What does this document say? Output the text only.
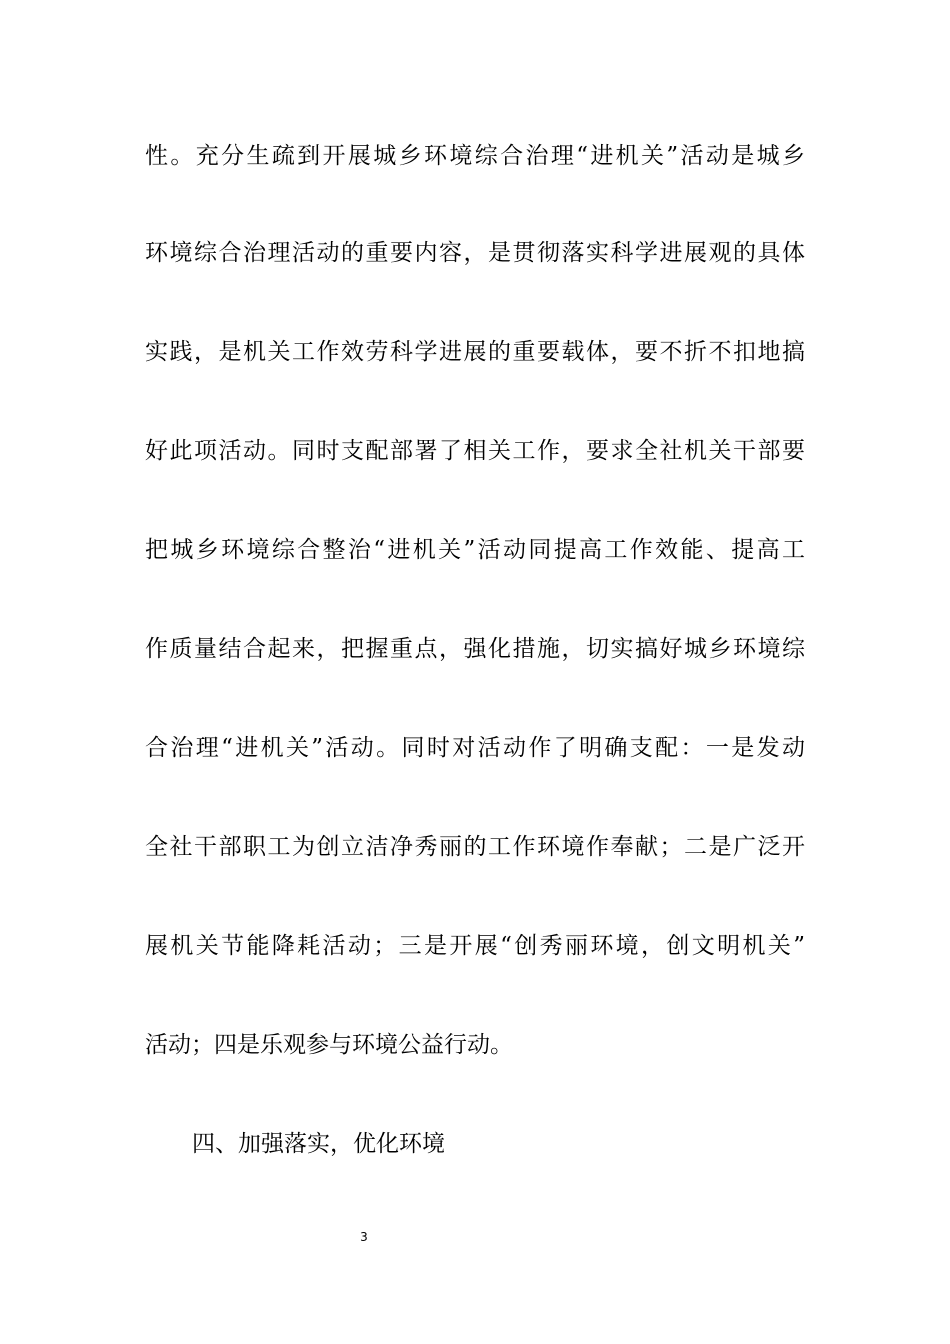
性。充分生疏到开展城乡环境综合治理“进机关”活动是城乡
环境综合治理活动的重要内容，是贯彻落实科学进展观的具体
实践，是机关工作效劳科学进展的重要载体，要不折不扣地搞
好此项活动。同时支配部署了相关工作，要求全社机关干部要
把城乡环境综合整治“进机关”活动同提高工作效能、提高工
作质量结合起来，把握重点，强化措施，切实搞好城乡环境综
合治理“进机关”活动。同时对活动作了明确支配：一是发动
全社干部职工为创立洁净秀丽的工作环境作奉献；二是广泛开
展机关节能降耗活动；三是开展“创秀丽环境，创文明机关”
活动；四是乐观参与环境公益行动。
四、加强落实，优化环境
3
